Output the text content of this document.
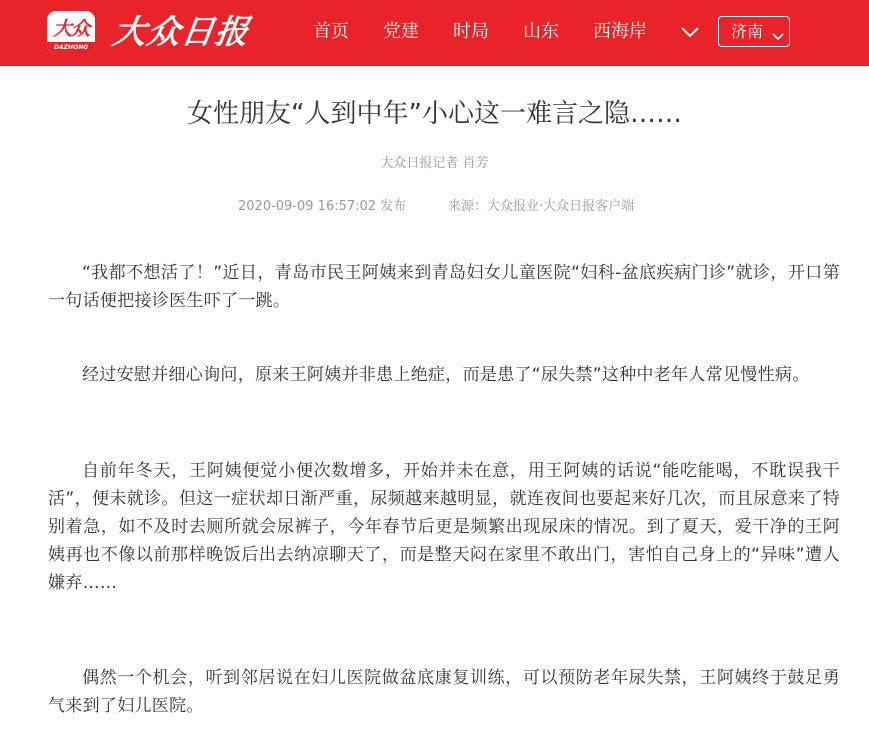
大众
DAZHONG 大众日报	首页 党建 时局 山东 西海岸	济南
女性朋友“人到中年”小心这一难言之隐……
大众日报记者 肖芳
2020-09-09 16:57:02 发布	来源：大众报业·大众日报客户端

“我都不想活了！”近日，青岛市民王阿姨来到青岛妇女儿童医院“妇科-盆底疾病门诊”就诊，开口第一句话便把接诊医生吓了一跳。

经过安慰并细心询问，原来王阿姨并非患上绝症，而是患了“尿失禁”这种中老年人常见慢性病。

自前年冬天，王阿姨便觉小便次数增多，开始并未在意，用王阿姨的话说“能吃能喝，不耽误我干活”，便未就诊。但这一症状却日渐严重，尿频越来越明显，就连夜间也要起来好几次，而且尿意来了特别着急，如不及时去厕所就会尿裤子，今年春节后更是频繁出现尿床的情况。到了夏天，爱干净的王阿姨再也不像以前那样晚饭后出去纳凉聊天了，而是整天闷在家里不敢出门，害怕自己身上的“异味”遭人嫌弃……

偶然一个机会，听到邻居说在妇儿医院做盆底康复训练，可以预防老年尿失禁，王阿姨终于鼓足勇气来到了妇儿医院。
